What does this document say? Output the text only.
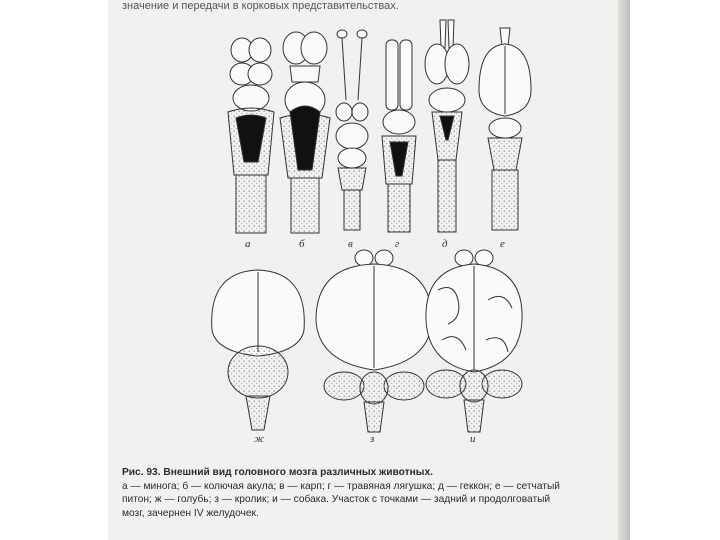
значение и передачи в корковых представительствах.
а	б	в	г	д	е
ж	з	и
Рис. 93. Внешний вид головного мозга различных животных.
а — минога; б — колючая акула; в — карп; г — травяная лягушка; д — геккон; е — сетчатый
питон; ж — голубь; з — кролик; и — собака. Участок с точками — задний и продолговатый
мозг, зачернен IV желудочек.
